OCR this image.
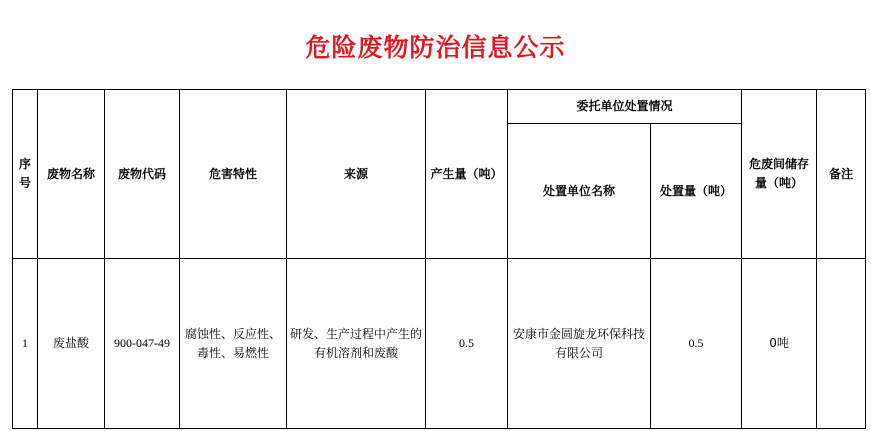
危险废物防治信息公示
序号	废物名称	废物代码	危害特性	来源	产生量（吨）	委托单位处置情况		危废间储存量（吨）	备注
						处置单位名称	处置量（吨）		
1	废盐酸	900-047-49	腐蚀性、反应性、毒性、易燃性	研发、生产过程中产生的有机溶剂和废酸	0.5	安康市金圆旋龙环保科技有限公司	0.5	0吨	
